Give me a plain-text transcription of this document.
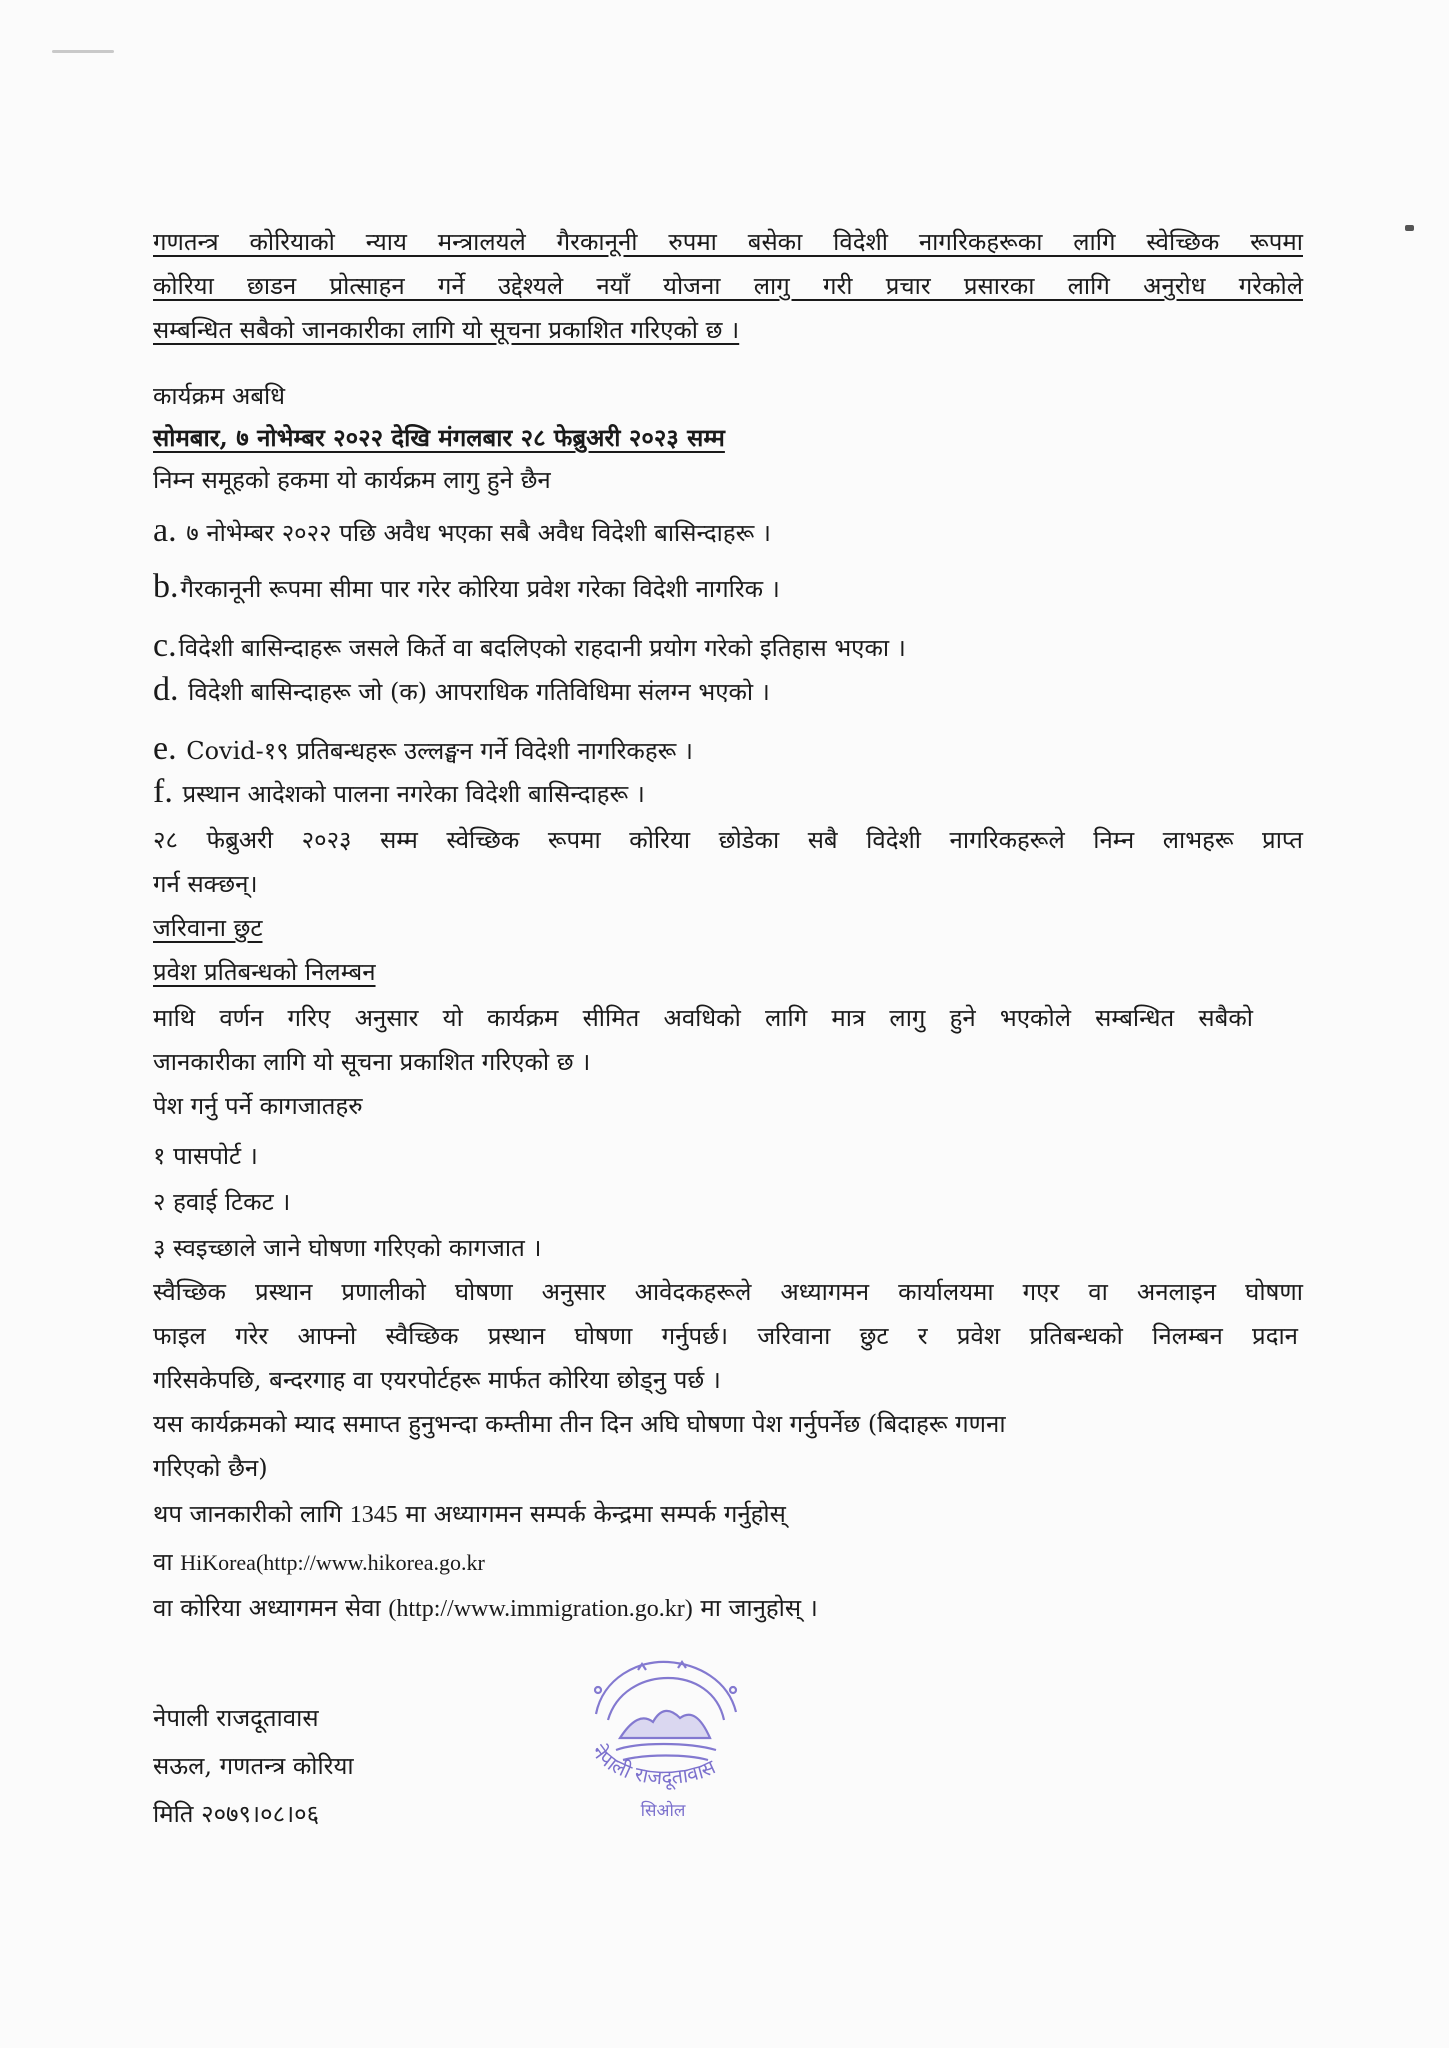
गणतन्त्र कोरियाको न्याय मन्त्रालयले गैरकानूनी रुपमा बसेका विदेशी नागरिकहरूका लागि स्वेच्छिक रूपमा

कोरिया छाडन प्रोत्साहन गर्ने उद्देश्यले नयाँ योजना लागु गरी प्रचार प्रसारका लागि अनुरोध गरेकोले

सम्बन्धित सबैको जानकारीका लागि यो सूचना प्रकाशित गरिएको छ ।

कार्यक्रम अबधि

सोमबार, ७ नोभेम्बर २०२२ देखि मंगलबार २८ फेब्रुअरी २०२३ सम्म

निम्न समूहको हकमा यो कार्यक्रम लागु हुने छैन

a. ७ नोभेम्बर २०२२ पछि अवैध भएका सबै अवैध विदेशी बासिन्दाहरू ।

b.गैरकानूनी रूपमा सीमा पार गरेर कोरिया प्रवेश गरेका विदेशी नागरिक ।

c.विदेशी बासिन्दाहरू जसले किर्ते वा बदलिएको राहदानी प्रयोग गरेको इतिहास भएका ।

d. विदेशी बासिन्दाहरू जो (क) आपराधिक गतिविधिमा संलग्न भएको ।

e. Covid-१९ प्रतिबन्धहरू उल्लङ्घन गर्ने विदेशी नागरिकहरू ।

f. प्रस्थान आदेशको पालना नगरेका विदेशी बासिन्दाहरू ।

२८ फेब्रुअरी २०२३ सम्म स्वेच्छिक रूपमा कोरिया छोडेका सबै विदेशी नागरिकहरूले निम्न लाभहरू प्राप्त

गर्न सक्छन्।

जरिवाना छुट

प्रवेश प्रतिबन्धको निलम्बन

माथि वर्णन गरिए अनुसार यो कार्यक्रम सीमित अवधिको लागि मात्र लागु हुने भएकोले सम्बन्धित सबैको

जानकारीका लागि यो सूचना प्रकाशित गरिएको छ ।

पेश गर्नु पर्ने कागजातहरु

१ पासपोर्ट ।

२ हवाई टिकट ।

३ स्वइच्छाले जाने घोषणा गरिएको कागजात ।

स्वैच्छिक प्रस्थान प्रणालीको घोषणा अनुसार आवेदकहरूले अध्यागमन कार्यालयमा गएर वा अनलाइन घोषणा

फाइल गरेर आफ्नो स्वैच्छिक प्रस्थान घोषणा गर्नुपर्छ। जरिवाना छुट र प्रवेश प्रतिबन्धको निलम्बन प्रदान

गरिसकेपछि, बन्दरगाह वा एयरपोर्टहरू मार्फत कोरिया छोड्नु पर्छ ।

यस कार्यक्रमको म्याद समाप्त हुनुभन्दा कम्तीमा तीन दिन अघि घोषणा पेश गर्नुपर्नेछ (बिदाहरू गणना

गरिएको छैन)

थप जानकारीको लागि 1345 मा अध्यागमन सम्पर्क केन्द्रमा सम्पर्क गर्नुहोस्

वा HiKorea(http://www.hikorea.go.kr

वा कोरिया अध्यागमन सेवा (http://www.immigration.go.kr) मा जानुहोस् ।

नेपाली राजदूतावास

सऊल, गणतन्त्र कोरिया

मिति २०७९।०८।०६

नेपाली राजदूतावास
सिओल
